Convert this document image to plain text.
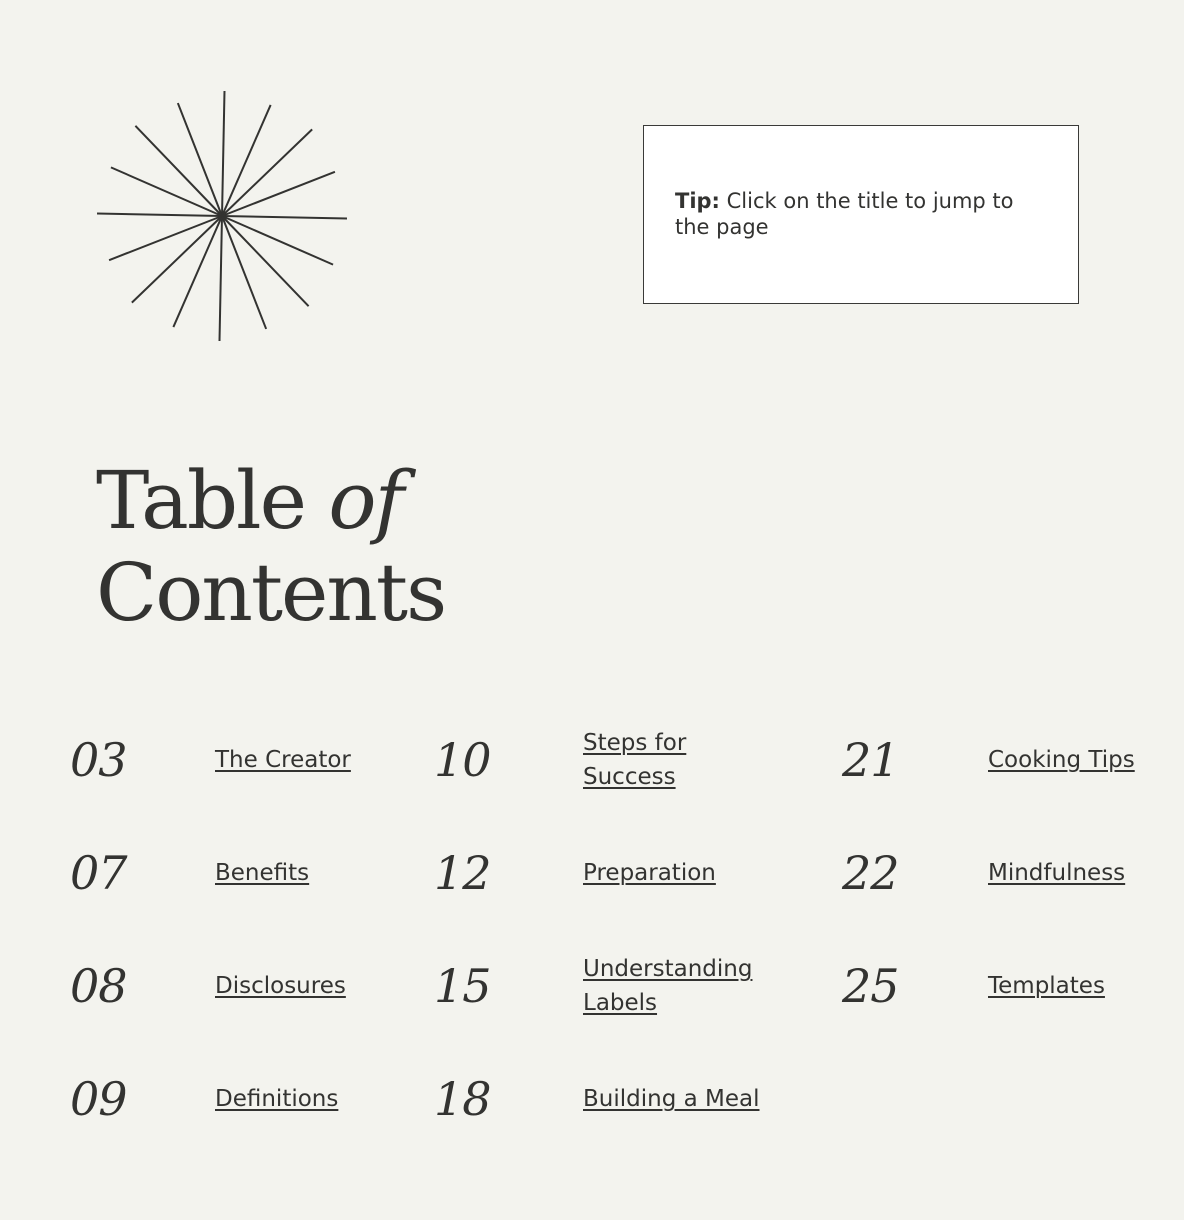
Tip: Click on the title to jump to the page
Table of
Contents
03	The Creator
07	Benefits
08	Disclosures
09	Definitions
10	Steps for Success
12	Preparation
15	Understanding Labels
18	Building a Meal
21	Cooking Tips
22	Mindfulness
25	Templates
